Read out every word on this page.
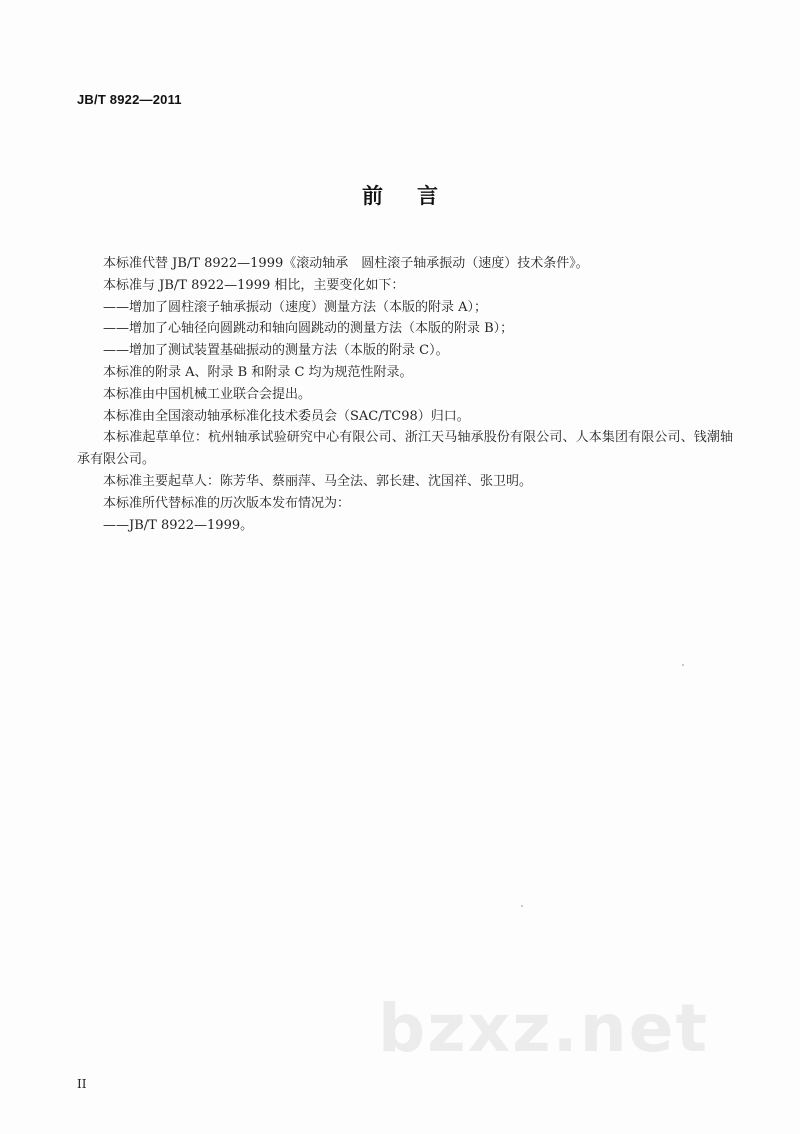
JB/T 8922—2011
前言

本标准代替 JB/T 8922—1999《滚动轴承　圆柱滚子轴承振动（速度）技术条件》。

本标准与 JB/T 8922—1999 相比，主要变化如下：

——增加了圆柱滚子轴承振动（速度）测量方法（本版的附录 A）；

——增加了心轴径向圆跳动和轴向圆跳动的测量方法（本版的附录 B）；

——增加了测试装置基础振动的测量方法（本版的附录 C）。

本标准的附录 A、附录 B 和附录 C 均为规范性附录。

本标准由中国机械工业联合会提出。

本标准由全国滚动轴承标准化技术委员会（SAC/TC98）归口。

本标准起草单位：杭州轴承试验研究中心有限公司、浙江天马轴承股份有限公司、人本集团有限公司、钱潮轴承有限公司。

本标准主要起草人：陈芳华、蔡丽萍、马全法、郭长建、沈国祥、张卫明。

本标准所代替标准的历次版本发布情况为：

——JB/T 8922—1999。

bzxz.net
II
